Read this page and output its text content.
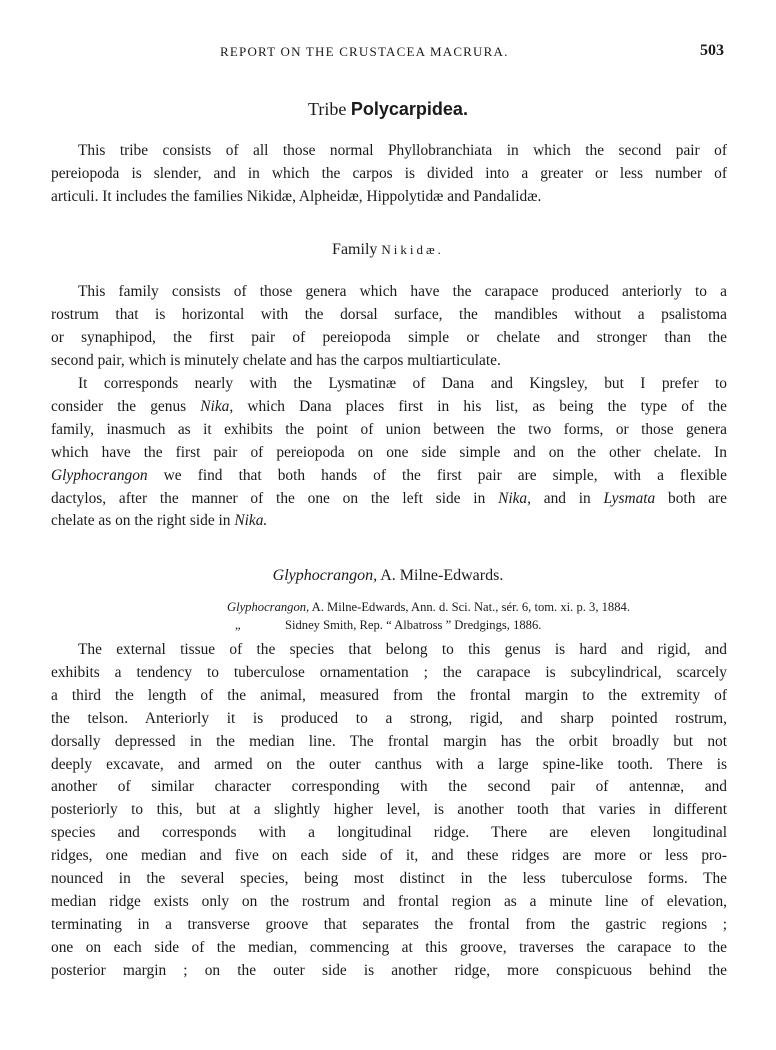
REPORT ON THE CRUSTACEA MACRURA.	503
Tribe Polycarpidea.
This tribe consists of all those normal Phyllobranchiata in which the second pair of
pereiopoda is slender, and in which the carpos is divided into a greater or less number of
articuli. It includes the families Nikidæ, Alpheidæ, Hippolytidæ and Pandalidæ.
Family Nikidæ.
This family consists of those genera which have the carapace produced anteriorly to a
rostrum that is horizontal with the dorsal surface, the mandibles without a psalistoma
or synaphipod, the first pair of pereiopoda simple or chelate and stronger than the
second pair, which is minutely chelate and has the carpos multiarticulate.
It corresponds nearly with the Lysmatinæ of Dana and Kingsley, but I prefer to
consider the genus Nika, which Dana places first in his list, as being the type of the
family, inasmuch as it exhibits the point of union between the two forms, or those genera
which have the first pair of pereiopoda on one side simple and on the other chelate. In
Glyphocrangon we find that both hands of the first pair are simple, with a flexible
dactylos, after the manner of the one on the left side in Nika, and in Lysmata both are
chelate as on the right side in Nika.
Glyphocrangon, A. Milne-Edwards.
Glyphocrangon, A. Milne-Edwards, Ann. d. Sci. Nat., sér. 6, tom. xi. p. 3, 1884.
„	Sidney Smith, Rep. “ Albatross ” Dredgings, 1886.
The external tissue of the species that belong to this genus is hard and rigid, and
exhibits a tendency to tuberculose ornamentation ; the carapace is subcylindrical, scarcely
a third the length of the animal, measured from the frontal margin to the extremity of
the telson. Anteriorly it is produced to a strong, rigid, and sharp pointed rostrum,
dorsally depressed in the median line. The frontal margin has the orbit broadly but not
deeply excavate, and armed on the outer canthus with a large spine-like tooth. There is
another of similar character corresponding with the second pair of antennæ, and
posteriorly to this, but at a slightly higher level, is another tooth that varies in different
species and corresponds with a longitudinal ridge. There are eleven longitudinal
ridges, one median and five on each side of it, and these ridges are more or less pro-
nounced in the several species, being most distinct in the less tuberculose forms. The
median ridge exists only on the rostrum and frontal region as a minute line of elevation,
terminating in a transverse groove that separates the frontal from the gastric regions ;
one on each side of the median, commencing at this groove, traverses the carapace to the
posterior margin ; on the outer side is another ridge, more conspicuous behind the
